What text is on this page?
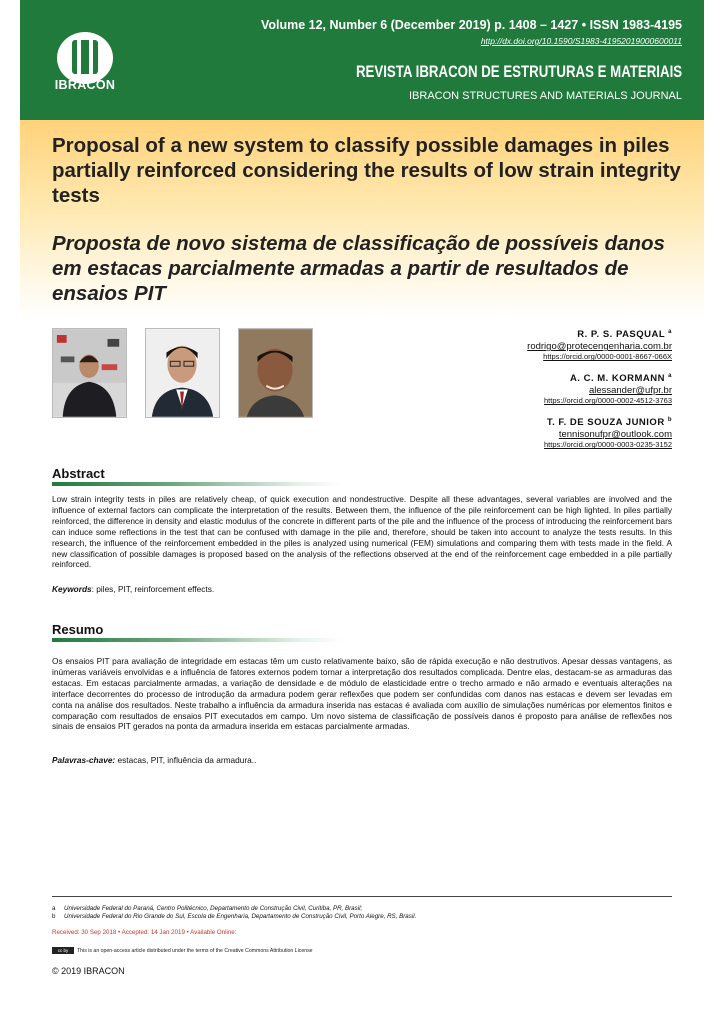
IBRACON
Volume 12, Number 6 (December 2019) p. 1408 – 1427 • ISSN 1983-4195
http://dx.doi.org/10.1590/S1983-41952019000600011
REVISTA IBRACON DE ESTRUTURAS E MATERIAIS
IBRACON STRUCTURES AND MATERIALS JOURNAL
Proposal of a new system to classify possible damages in piles partially reinforced considering the results of low strain integrity tests
Proposta de novo sistema de classificação de possíveis danos em estacas parcialmente armadas a partir de resultados de ensaios PIT
R. P. S. PASQUAL $^a$
rodrigo@protecengenharia.com.br
https://orcid.org/0000-0001-8667-066X
A. C. M. KORMANN $^a$
alessander@ufpr.br
https://orcid.org/0000-0002-4512-3763
T. F. DE SOUZA JUNIOR $^b$
tennisonufpr@outlook.com
https://orcid.org/0000-0003-0235-3152
Abstract
Low strain integrity tests in piles are relatively cheap, of quick execution and nondestructive. Despite all these advantages, several variables are involved and the influence of external factors can complicate the interpretation of the results. Between them, the influence of the pile reinforcement can be high lighted. In piles partially reinforced, the difference in density and elastic modulus of the concrete in different parts of the pile and the influence of the process of introducing the reinforcement bars can induce some reflections in the test that can be confused with damage in the pile and, therefore, should be taken into account to analyze the tests results. In this research, the influence of the reinforcement embedded in the piles is analyzed using numerical (FEM) simulations and comparing them with tests made in the field. A new classification of possible damages is proposed based on the analysis of the reflections observed at the end of the reinforcement cage embedded in a pile partially reinforced.
Keywords: piles, PIT, reinforcement effects.
Resumo
Os ensaios PIT para avaliação de integridade em estacas têm um custo relativamente baixo, são de rápida execução e não destrutivos. Apesar dessas vantagens, as inúmeras variáveis envolvidas e a influência de fatores externos podem tornar a interpretação dos resultados complicada. Dentre elas, destacam-se as armaduras das estacas. Em estacas parcialmente armadas, a variação de densidade e de módulo de elasticidade entre o trecho armado e não armado e eventuais alterações na interface decorrentes do processo de introdução da armadura podem gerar reflexões que podem ser confundidas com danos nas estacas e devem ser levadas em conta na análise dos resultados. Neste trabalho a influência da armadura inserida nas estacas é avaliada com auxílio de simulações numéricas por elementos finitos e comparação com resultados de ensaios PIT executados em campo. Um novo sistema de classificação de possíveis danos é proposto para análise de reflexões nos sinais de ensaios PIT gerados na ponta da armadura inserida em estacas parcialmente armadas.
Palavras-chave: estacas, PIT, influência da armadura..
a Universidade Federal do Paraná, Centro Politécnico, Departamento de Construção Civil, Curitiba, PR, Brasil;
b Universidade Federal do Rio Grande do Sul, Escola de Engenharia, Departamento de Construção Civil, Porto Alegre, RS, Brasil.
Received: 30 Sep 2018 • Accepted: 14 Jan 2019 • Available Online:
cc by This is an open-access article distributed under the terms of the Creative Commons Attribution License
© 2019 IBRACON
